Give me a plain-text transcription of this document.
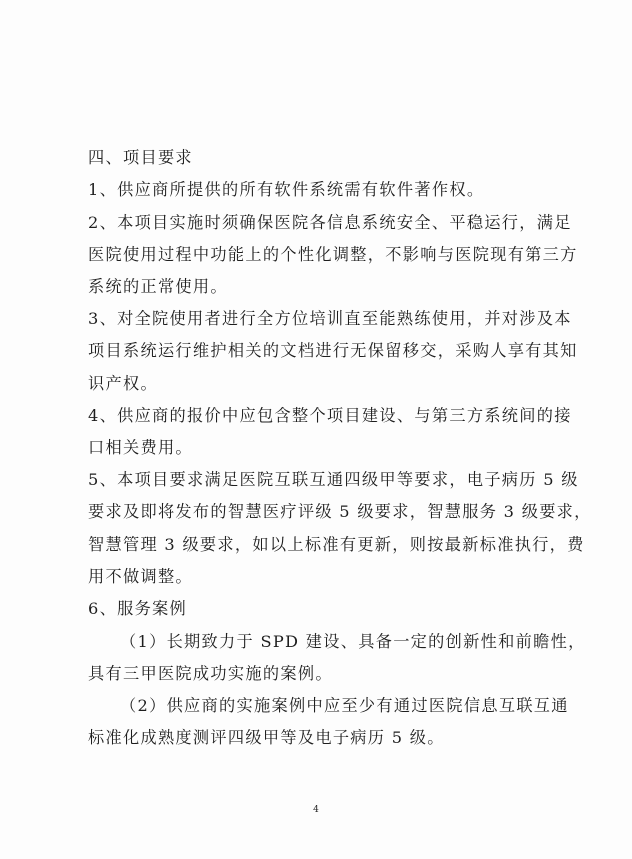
四、项目要求
1、供应商所提供的所有软件系统需有软件著作权。
2、本项目实施时须确保医院各信息系统安全、平稳运行，满足
医院使用过程中功能上的个性化调整，不影响与医院现有第三方
系统的正常使用。
3、对全院使用者进行全方位培训直至能熟练使用，并对涉及本
项目系统运行维护相关的文档进行无保留移交，采购人享有其知
识产权。
4、供应商的报价中应包含整个项目建设、与第三方系统间的接
口相关费用。
5、本项目要求满足医院互联互通四级甲等要求，电子病历 5 级
要求及即将发布的智慧医疗评级 5 级要求，智慧服务 3 级要求，
智慧管理 3 级要求，如以上标准有更新，则按最新标准执行，费
用不做调整。
6、服务案例
（1）长期致力于 SPD 建设、具备一定的创新性和前瞻性，
具有三甲医院成功实施的案例。
（2）供应商的实施案例中应至少有通过医院信息互联互通
标准化成熟度测评四级甲等及电子病历 5 级。
4
